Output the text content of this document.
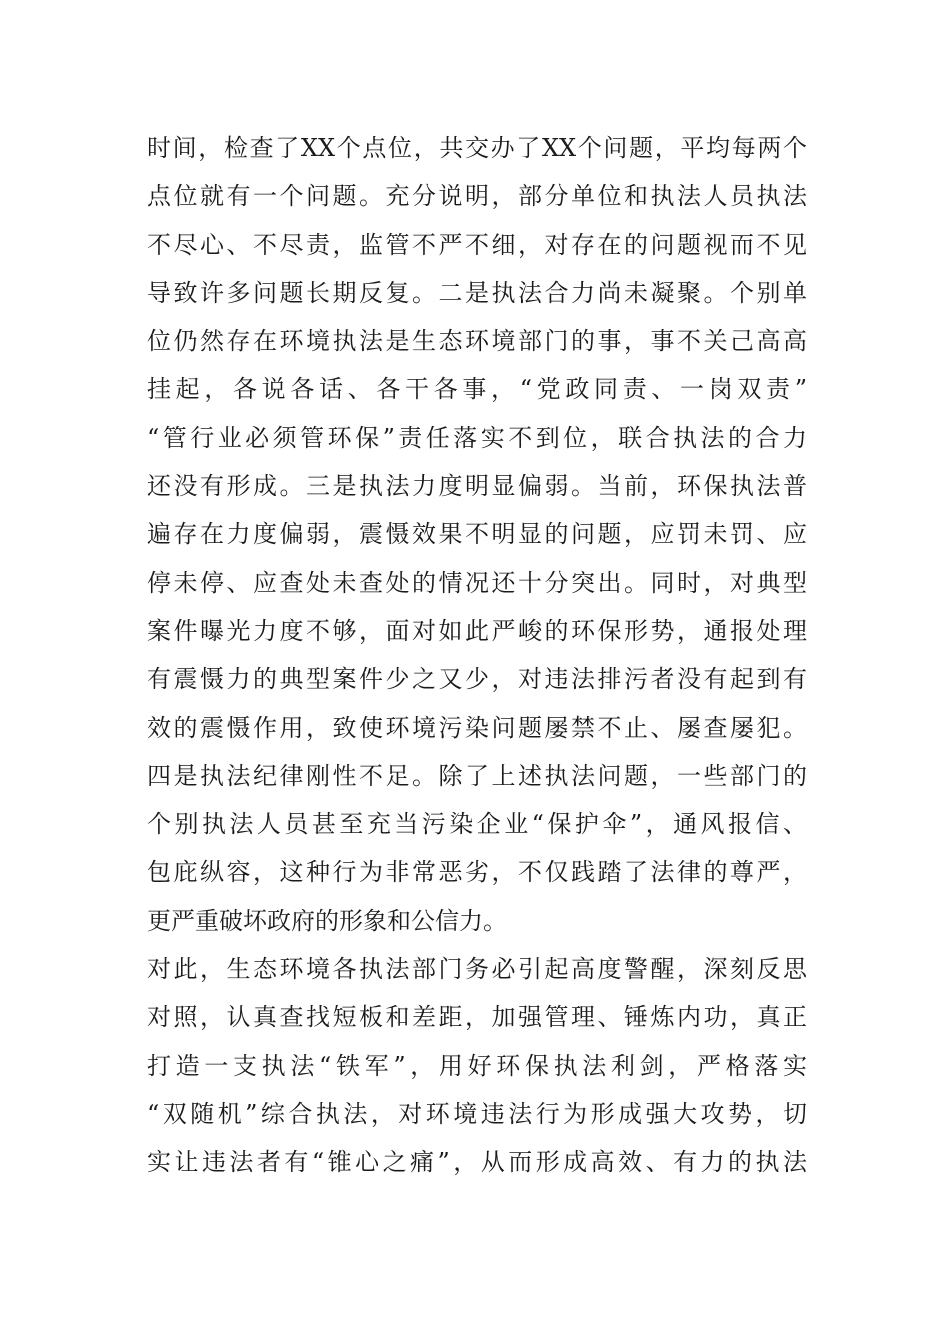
时间，检查了XX个点位，共交办了XX个问题，平均每两个
点位就有一个问题。充分说明，部分单位和执法人员执法
不尽心、不尽责，监管不严不细，对存在的问题视而不见
导致许多问题长期反复。二是执法合力尚未凝聚。个别单
位仍然存在环境执法是生态环境部门的事，事不关己高高
挂起，各说各话、各干各事，“党政同责、一岗双责”
“管行业必须管环保”责任落实不到位，联合执法的合力
还没有形成。三是执法力度明显偏弱。当前，环保执法普
遍存在力度偏弱，震慑效果不明显的问题，应罚未罚、应
停未停、应查处未查处的情况还十分突出。同时，对典型
案件曝光力度不够，面对如此严峻的环保形势，通报处理
有震慑力的典型案件少之又少，对违法排污者没有起到有
效的震慑作用，致使环境污染问题屡禁不止、屡查屡犯。
四是执法纪律刚性不足。除了上述执法问题，一些部门的
个别执法人员甚至充当污染企业“保护伞”，通风报信、
包庇纵容，这种行为非常恶劣，不仅践踏了法律的尊严，
更严重破坏政府的形象和公信力。
对此，生态环境各执法部门务必引起高度警醒，深刻反思
对照，认真查找短板和差距，加强管理、锤炼内功，真正
打造一支执法“铁军”，用好环保执法利剑，严格落实
“双随机”综合执法，对环境违法行为形成强大攻势，切
实让违法者有“锥心之痛”，从而形成高效、有力的执法
